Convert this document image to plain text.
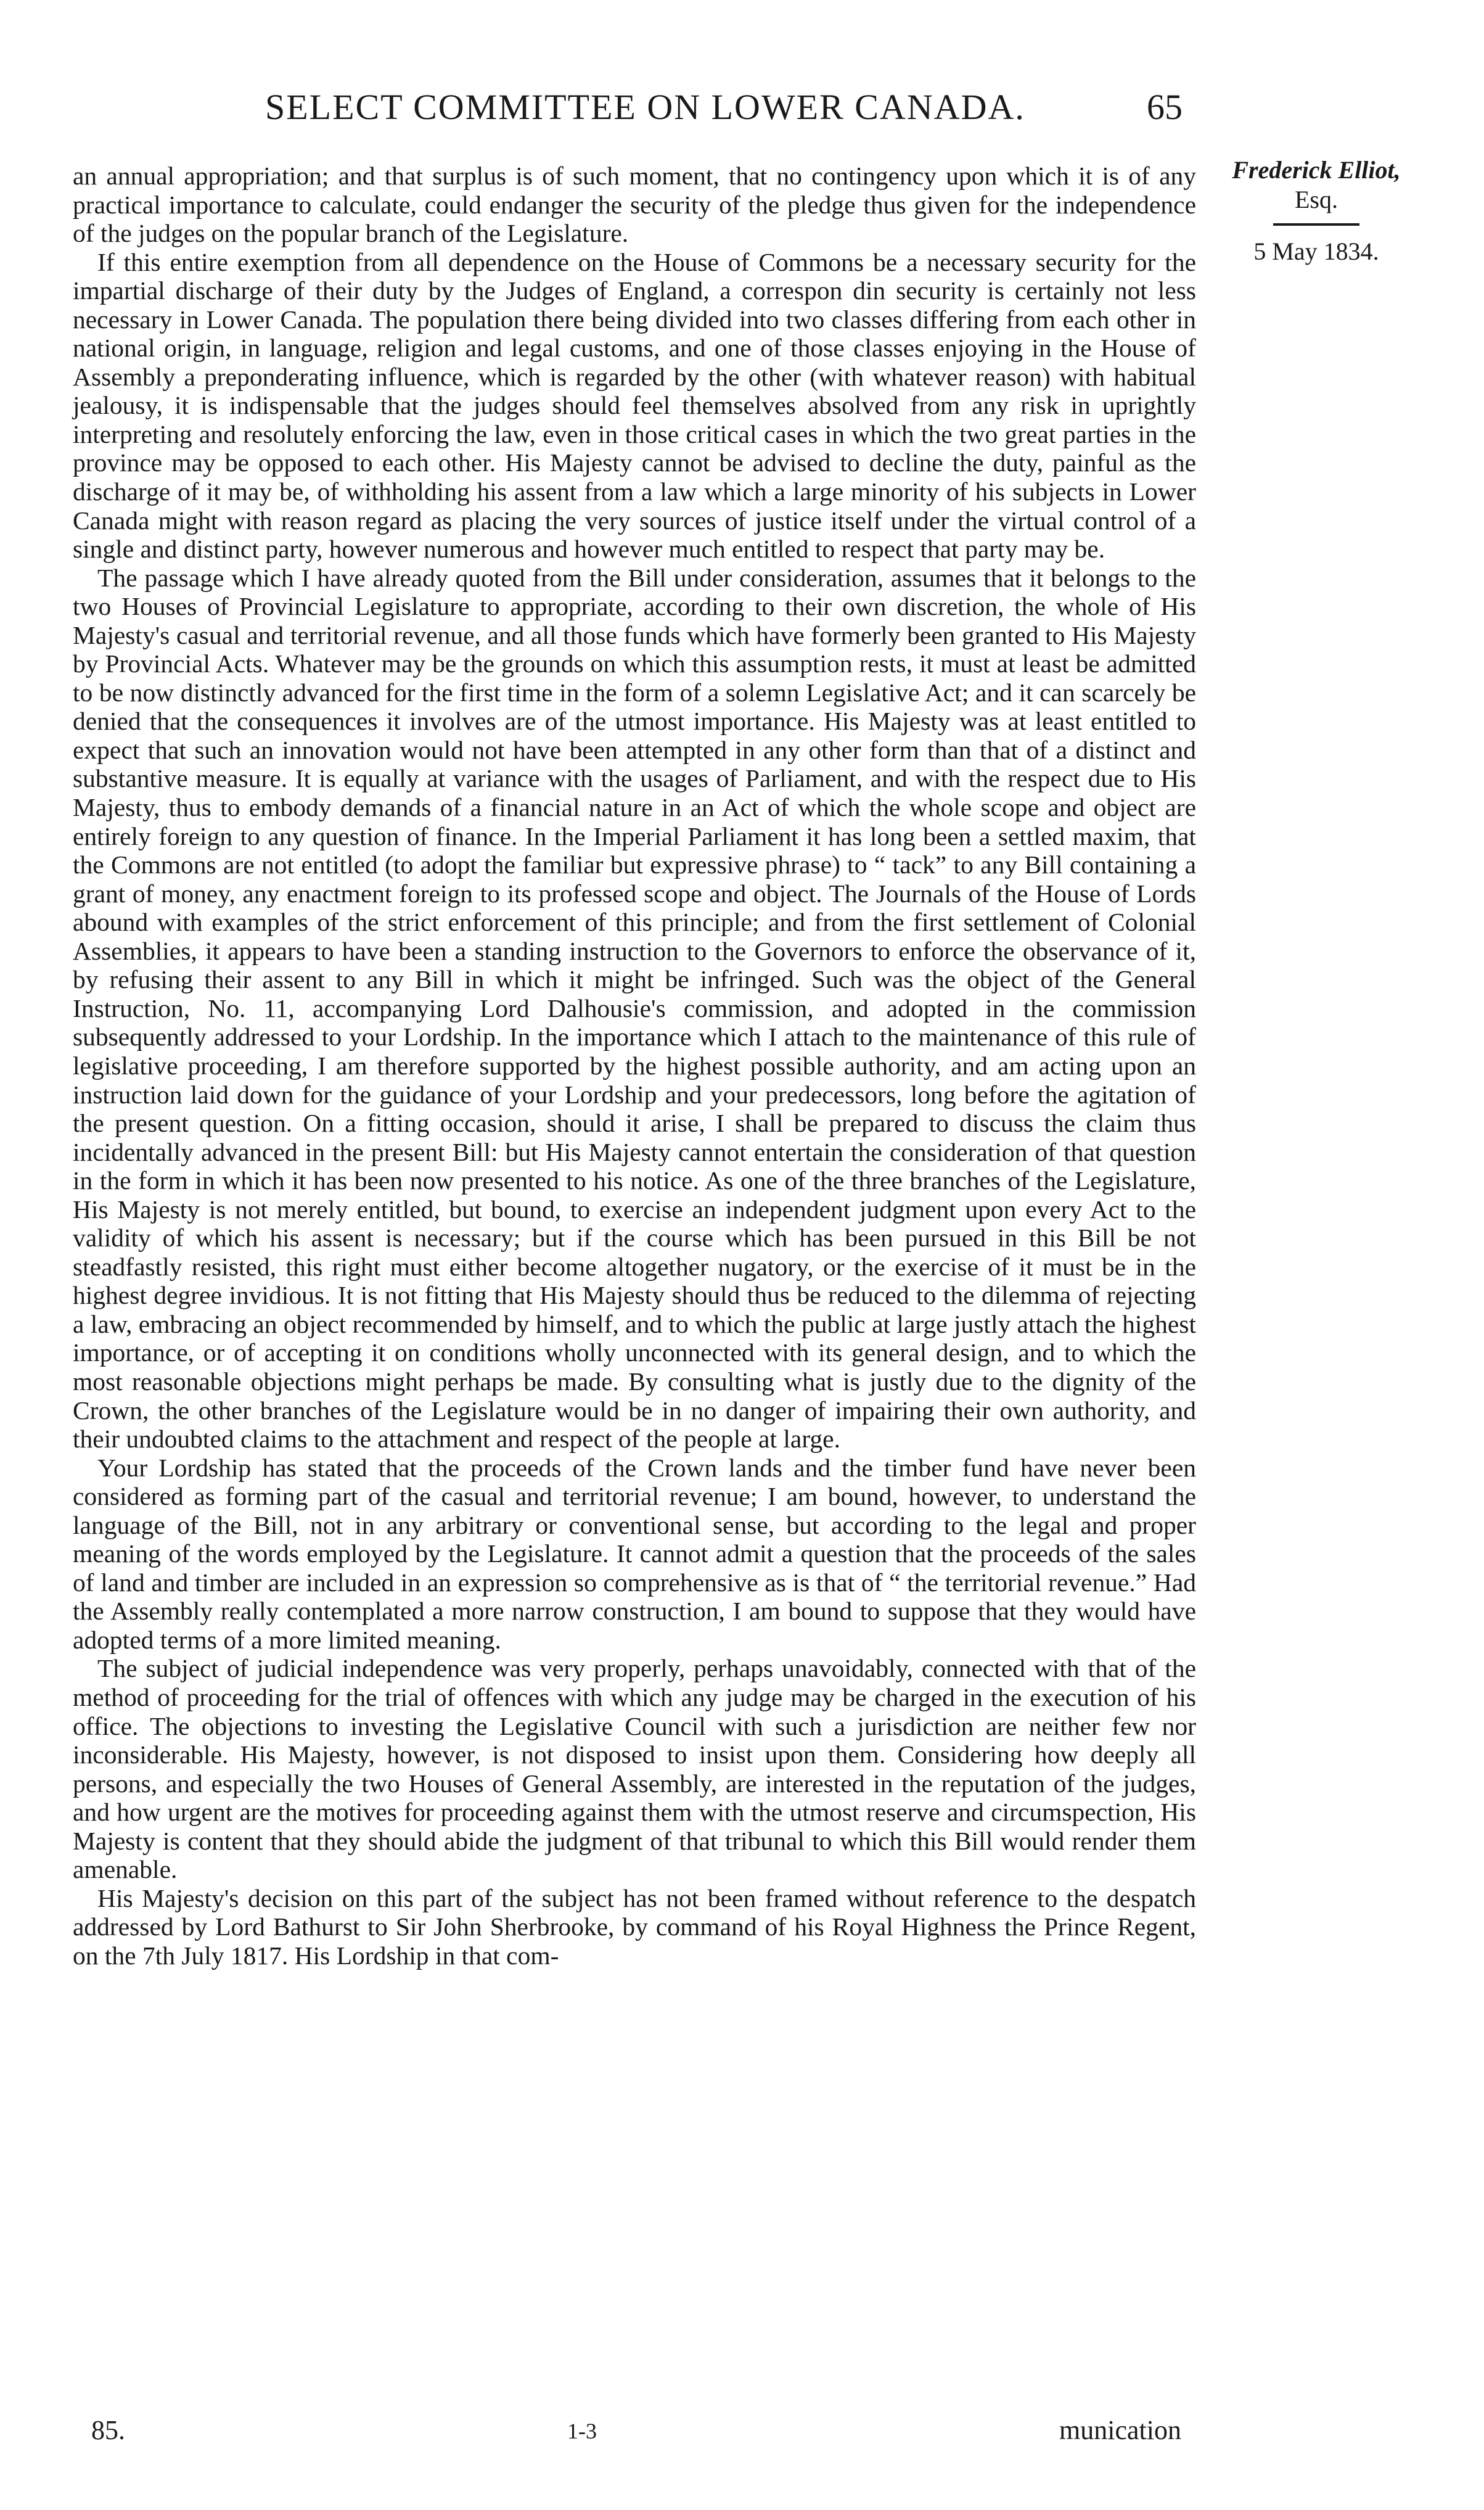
SELECT COMMITTEE ON LOWER CANADA.	65
Frederick Elliot,
Esq.
5 May 1834.

an annual appropriation; and that surplus is of such moment, that no contingency upon which it is of any practical importance to calculate, could endanger the security of the pledge thus given for the independence of the judges on the popular branch of the Legislature.

If this entire exemption from all dependence on the House of Commons be a necessary security for the impartial discharge of their duty by the Judges of England, a correspon din security is certainly not less necessary in Lower Canada. The population there being divided into two classes differing from each other in national origin, in language, religion and legal customs, and one of those classes enjoying in the House of Assembly a preponderating influence, which is regarded by the other (with whatever reason) with habitual jealousy, it is indispensable that the judges should feel themselves absolved from any risk in uprightly interpreting and resolutely enforcing the law, even in those critical cases in which the two great parties in the province may be opposed to each other. His Majesty cannot be advised to decline the duty, painful as the discharge of it may be, of withholding his assent from a law which a large minority of his subjects in Lower Canada might with reason regard as placing the very sources of justice itself under the virtual control of a single and distinct party, however numerous and however much entitled to respect that party may be.

The passage which I have already quoted from the Bill under consideration, assumes that it belongs to the two Houses of Provincial Legislature to appropriate, according to their own discretion, the whole of His Majesty's casual and territorial revenue, and all those funds which have formerly been granted to His Majesty by Provincial Acts. Whatever may be the grounds on which this assumption rests, it must at least be admitted to be now distinctly advanced for the first time in the form of a solemn Legislative Act; and it can scarcely be denied that the consequences it involves are of the utmost importance. His Majesty was at least entitled to expect that such an innovation would not have been attempted in any other form than that of a distinct and substantive measure. It is equally at variance with the usages of Parliament, and with the respect due to His Majesty, thus to embody demands of a financial nature in an Act of which the whole scope and object are entirely foreign to any question of finance. In the Imperial Parliament it has long been a settled maxim, that the Commons are not entitled (to adopt the familiar but expressive phrase) to “ tack” to any Bill containing a grant of money, any enactment foreign to its professed scope and object. The Journals of the House of Lords abound with examples of the strict enforcement of this principle; and from the first settlement of Colonial Assemblies, it appears to have been a standing instruction to the Governors to enforce the observance of it, by refusing their assent to any Bill in which it might be infringed. Such was the object of the General Instruction, No. 11, accompanying Lord Dalhousie's commission, and adopted in the commission subsequently addressed to your Lordship. In the importance which I attach to the maintenance of this rule of legislative proceeding, I am therefore supported by the highest possible authority, and am acting upon an instruction laid down for the guidance of your Lordship and your predecessors, long before the agitation of the present question. On a fitting occasion, should it arise, I shall be prepared to discuss the claim thus incidentally advanced in the present Bill: but His Majesty cannot entertain the consideration of that question in the form in which it has been now presented to his notice. As one of the three branches of the Legislature, His Majesty is not merely entitled, but bound, to exercise an independent judgment upon every Act to the validity of which his assent is necessary; but if the course which has been pursued in this Bill be not steadfastly resisted, this right must either become altogether nugatory, or the exercise of it must be in the highest degree invidious. It is not fitting that His Majesty should thus be reduced to the dilemma of rejecting a law, embracing an object recommended by himself, and to which the public at large justly attach the highest importance, or of accepting it on conditions wholly unconnected with its general design, and to which the most reasonable objections might perhaps be made. By consulting what is justly due to the dignity of the Crown, the other branches of the Legislature would be in no danger of impairing their own authority, and their undoubted claims to the attachment and respect of the people at large.

Your Lordship has stated that the proceeds of the Crown lands and the timber fund have never been considered as forming part of the casual and territorial revenue; I am bound, however, to understand the language of the Bill, not in any arbitrary or conventional sense, but according to the legal and proper meaning of the words employed by the Legislature. It cannot admit a question that the proceeds of the sales of land and timber are included in an expression so comprehensive as is that of “ the territorial revenue.” Had the Assembly really contemplated a more narrow construction, I am bound to suppose that they would have adopted terms of a more limited meaning.

The subject of judicial independence was very properly, perhaps unavoidably, connected with that of the method of proceeding for the trial of offences with which any judge may be charged in the execution of his office. The objections to investing the Legislative Council with such a jurisdiction are neither few nor inconsiderable. His Majesty, however, is not disposed to insist upon them. Considering how deeply all persons, and especially the two Houses of General Assembly, are interested in the reputation of the judges, and how urgent are the motives for proceeding against them with the utmost reserve and circumspection, His Majesty is content that they should abide the judgment of that tribunal to which this Bill would render them amenable.

His Majesty's decision on this part of the subject has not been framed without reference to the despatch addressed by Lord Bathurst to Sir John Sherbrooke, by command of his Royal Highness the Prince Regent, on the 7th July 1817. His Lordship in that com-

85.	1-3	munication
